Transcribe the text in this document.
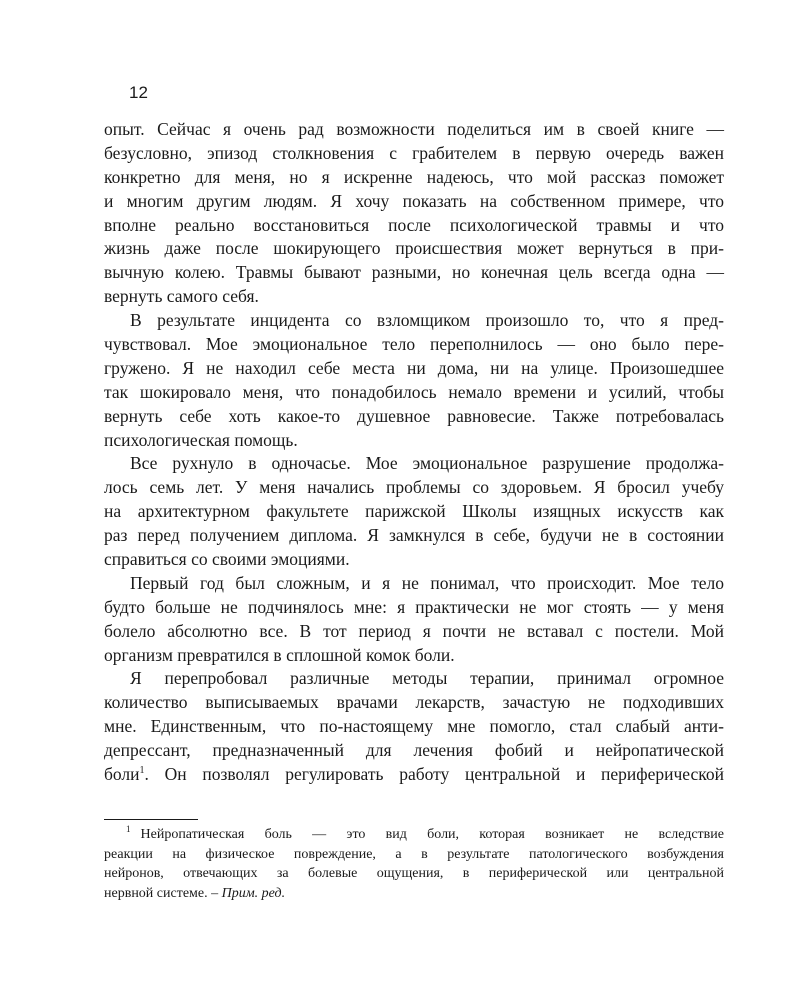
12
опыт. Сейчас я очень рад возможности поделиться им в своей книге —
безусловно, эпизод столкновения с грабителем в первую очередь важен
конкретно для меня, но я искренне надеюсь, что мой рассказ поможет
и многим другим людям. Я хочу показать на собственном примере, что
вполне реально восстановиться после психологической травмы и что
жизнь даже после шокирующего происшествия может вернуться в при-
вычную колею. Травмы бывают разными, но конечная цель всегда одна —
вернуть самого себя.
В результате инцидента со взломщиком произошло то, что я пред-
чувствовал. Мое эмоциональное тело переполнилось — оно было пере-
гружено. Я не находил себе места ни дома, ни на улице. Произошедшее
так шокировало меня, что понадобилось немало времени и усилий, чтобы
вернуть себе хоть какое-то душевное равновесие. Также потребовалась
психологическая помощь.
Все рухнуло в одночасье. Мое эмоциональное разрушение продолжа-
лось семь лет. У меня начались проблемы со здоровьем. Я бросил учебу
на архитектурном факультете парижской Школы изящных искусств как
раз перед получением диплома. Я замкнулся в себе, будучи не в состоянии
справиться со своими эмоциями.
Первый год был сложным, и я не понимал, что происходит. Мое тело
будто больше не подчинялось мне: я практически не мог стоять — у меня
болело абсолютно все. В тот период я почти не вставал с постели. Мой
организм превратился в сплошной комок боли.
Я перепробовал различные методы терапии, принимал огромное
количество выписываемых врачами лекарств, зачастую не подходивших
мне. Единственным, что по-настоящему мне помогло, стал слабый анти-
депрессант, предназначенный для лечения фобий и нейропатической
боли$^1$. Он позволял регулировать работу центральной и периферической
$^1$ Нейропатическая боль — это вид боли, которая возникает не вследствие
реакции на физическое повреждение, а в результате патологического возбуждения
нейронов, отвечающих за болевые ощущения, в периферической или центральной
нервной системе. – Прим. ред.
